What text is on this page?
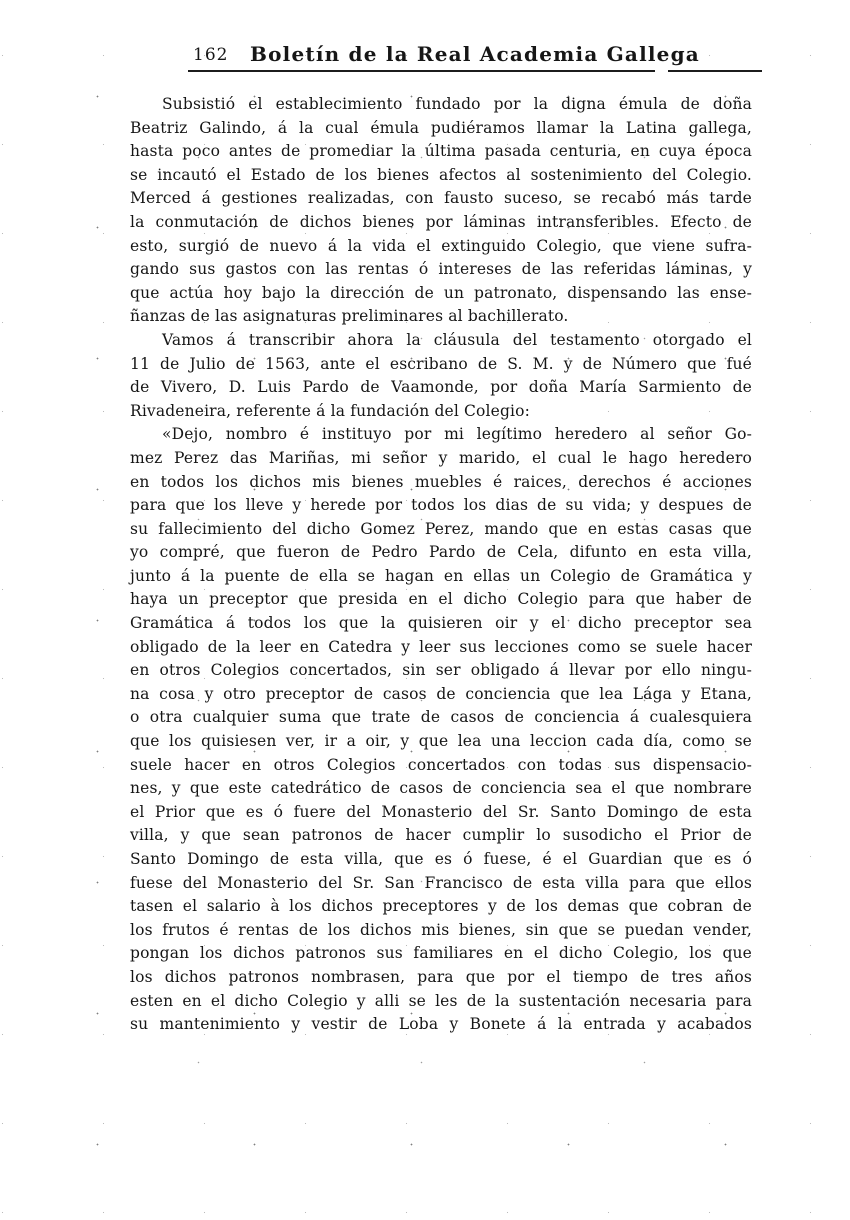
162 Boletín de la Real Academia Gallega
Subsistió el establecimiento fundado por la digna émula de doña
Beatriz Galindo, á la cual émula pudiéramos llamar la Latina gallega,
hasta poco antes de promediar la última pasada centuria, en cuya época
se incautó el Estado de los bienes afectos al sostenimiento del Colegio.
Merced á gestiones realizadas, con fausto suceso, se recabó más tarde
la conmutación de dichos bienes por láminas intransferibles. Efecto de
esto, surgió de nuevo á la vida el extinguido Colegio, que viene sufra-
gando sus gastos con las rentas ó intereses de las referidas láminas, y
que actúa hoy bajo la dirección de un patronato, dispensando las ense-
ñanzas de las asignaturas preliminares al bachillerato.
Vamos á transcribir ahora la cláusula del testamento otorgado el
11 de Julio de 1563, ante el escribano de S. M. y de Número que fué
de Vivero, D. Luis Pardo de Vaamonde, por doña María Sarmiento de
Rivadeneira, referente á la fundación del Colegio:
«Dejo, nombro é instituyo por mi legítimo heredero al señor Go-
mez Perez das Mariñas, mi señor y marido, el cual le hago heredero
en todos los dichos mis bienes muebles é raices, derechos é acciones
para que los lleve y herede por todos los dias de su vida; y despues de
su fallecimiento del dicho Gomez Perez, mando que en estas casas que
yo compré, que fueron de Pedro Pardo de Cela, difunto en esta villa,
junto á la puente de ella se hagan en ellas un Colegio de Gramática y
haya un preceptor que presida en el dicho Colegio para que haber de
Gramática á todos los que la quisieren oir y el dicho preceptor sea
obligado de la leer en Catedra y leer sus lecciones como se suele hacer
en otros Colegios concertados, sin ser obligado á llevar por ello ningu-
na cosa y otro preceptor de casos de conciencia que lea Lága y Etana,
o otra cualquier suma que trate de casos de conciencia á cualesquiera
que los quisiesen ver, ir a oir, y que lea una leccion cada día, como se
suele hacer en otros Colegios concertados con todas sus dispensacio-
nes, y que este catedrático de casos de conciencia sea el que nombrare
el Prior que es ó fuere del Monasterio del Sr. Santo Domingo de esta
villa, y que sean patronos de hacer cumplir lo susodicho el Prior de
Santo Domingo de esta villa, que es ó fuese, é el Guardian que es ó
fuese del Monasterio del Sr. San Francisco de esta villa para que ellos
tasen el salario à los dichos preceptores y de los demas que cobran de
los frutos é rentas de los dichos mis bienes, sin que se puedan vender,
pongan los dichos patronos sus familiares en el dicho Colegio, los que
los dichos patronos nombrasen, para que por el tiempo de tres años
esten en el dicho Colegio y alli se les de la sustentación necesaria para
su mantenimiento y vestir de Loba y Bonete á la entrada y acabados
